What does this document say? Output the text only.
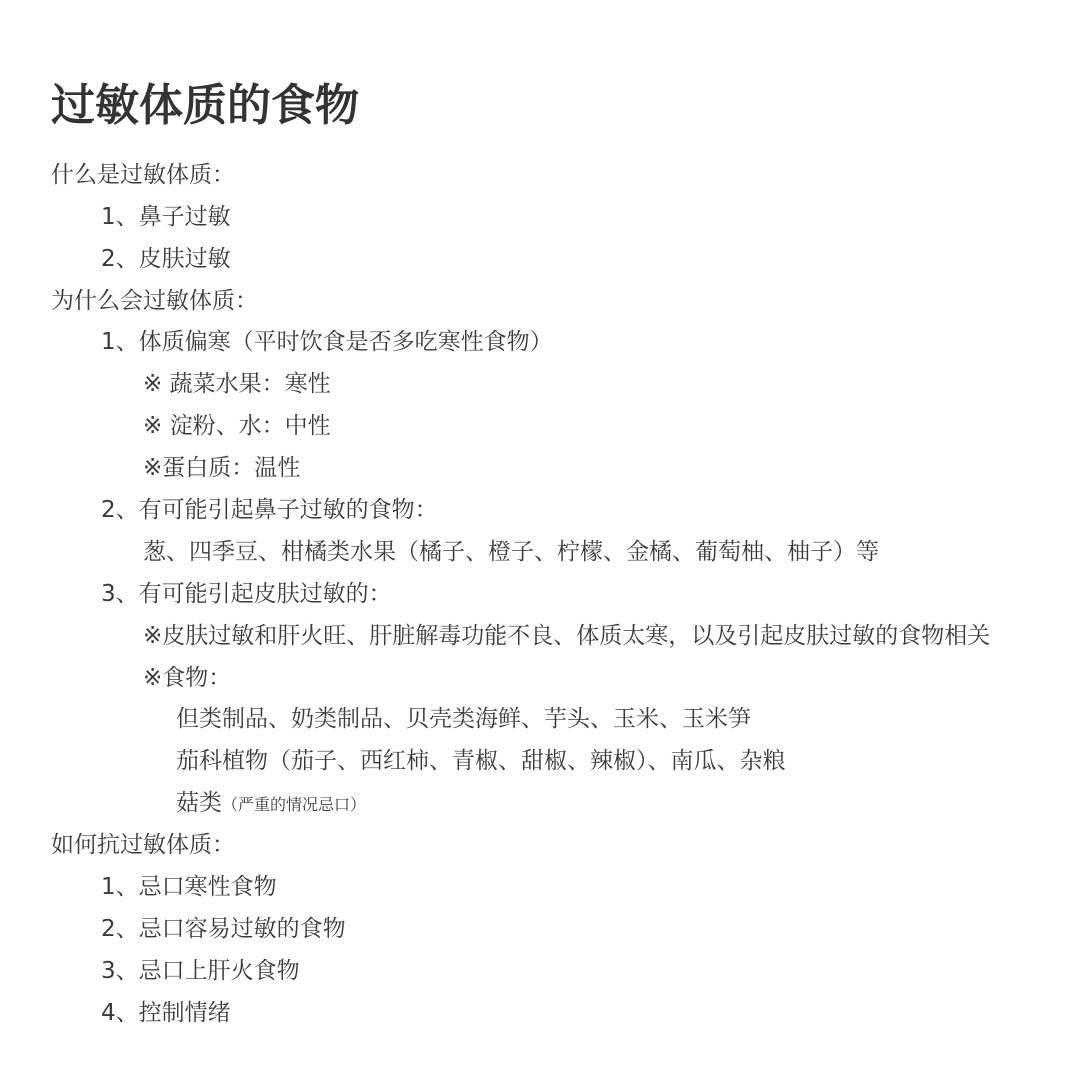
过敏体质的食物
什么是过敏体质：
1、鼻子过敏
2、皮肤过敏
为什么会过敏体质：
1、体质偏寒（平时饮食是否多吃寒性食物）
※ 蔬菜水果：寒性
※ 淀粉、水：中性
※蛋白质：温性
2、有可能引起鼻子过敏的食物：
葱、四季豆、柑橘类水果（橘子、橙子、柠檬、金橘、葡萄柚、柚子）等
3、有可能引起皮肤过敏的：
※皮肤过敏和肝火旺、肝脏解毒功能不良、体质太寒，以及引起皮肤过敏的食物相关
※食物：
但类制品、奶类制品、贝壳类海鲜、芋头、玉米、玉米笋
茄科植物（茄子、西红柿、青椒、甜椒、辣椒）、南瓜、杂粮
菇类（严重的情况忌口）
如何抗过敏体质：
1、忌口寒性食物
2、忌口容易过敏的食物
3、忌口上肝火食物
4、控制情绪
